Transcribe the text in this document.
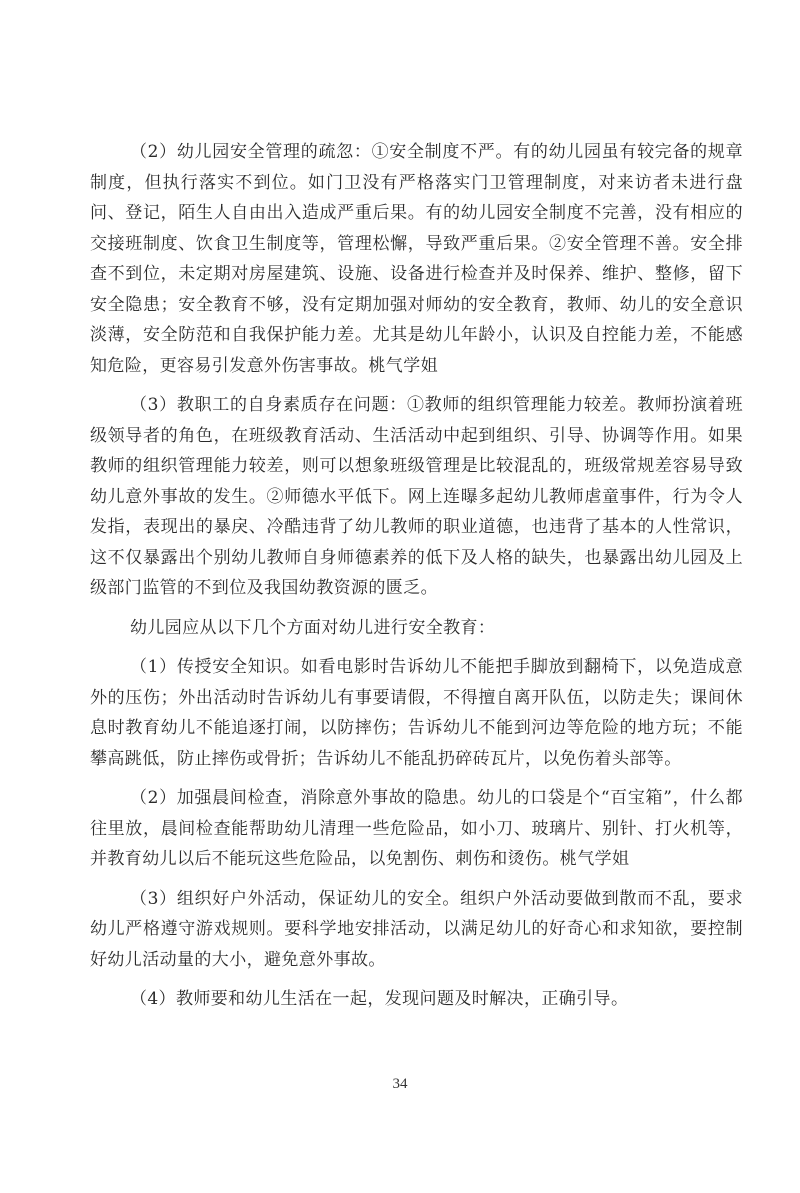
（2）幼儿园安全管理的疏忽：①安全制度不严。有的幼儿园虽有较完备的规章制度，但执行落实不到位。如门卫没有严格落实门卫管理制度，对来访者未进行盘问、登记，陌生人自由出入造成严重后果。有的幼儿园安全制度不完善，没有相应的交接班制度、饮食卫生制度等，管理松懈，导致严重后果。②安全管理不善。安全排查不到位，未定期对房屋建筑、设施、设备进行检查并及时保养、维护、整修，留下安全隐患；安全教育不够，没有定期加强对师幼的安全教育，教师、幼儿的安全意识淡薄，安全防范和自我保护能力差。尤其是幼儿年龄小，认识及自控能力差，不能感知危险，更容易引发意外伤害事故。桃气学姐

（3）教职工的自身素质存在问题：①教师的组织管理能力较差。教师扮演着班级领导者的角色，在班级教育活动、生活活动中起到组织、引导、协调等作用。如果教师的组织管理能力较差，则可以想象班级管理是比较混乱的，班级常规差容易导致幼儿意外事故的发生。②师德水平低下。网上连曝多起幼儿教师虐童事件，行为令人发指，表现出的暴戾、冷酷违背了幼儿教师的职业道德，也违背了基本的人性常识，这不仅暴露出个别幼儿教师自身师德素养的低下及人格的缺失，也暴露出幼儿园及上级部门监管的不到位及我国幼教资源的匮乏。

幼儿园应从以下几个方面对幼儿进行安全教育：

（1）传授安全知识。如看电影时告诉幼儿不能把手脚放到翻椅下，以免造成意外的压伤；外出活动时告诉幼儿有事要请假，不得擅自离开队伍，以防走失；课间休息时教育幼儿不能追逐打闹，以防摔伤；告诉幼儿不能到河边等危险的地方玩；不能攀高跳低，防止摔伤或骨折；告诉幼儿不能乱扔碎砖瓦片，以免伤着头部等。

（2）加强晨间检查，消除意外事故的隐患。幼儿的口袋是个“百宝箱”，什么都往里放，晨间检查能帮助幼儿清理一些危险品，如小刀、玻璃片、别针、打火机等，并教育幼儿以后不能玩这些危险品，以免割伤、刺伤和烫伤。桃气学姐

（3）组织好户外活动，保证幼儿的安全。组织户外活动要做到散而不乱，要求幼儿严格遵守游戏规则。要科学地安排活动，以满足幼儿的好奇心和求知欲，要控制好幼儿活动量的大小，避免意外事故。

（4）教师要和幼儿生活在一起，发现问题及时解决，正确引导。

34
